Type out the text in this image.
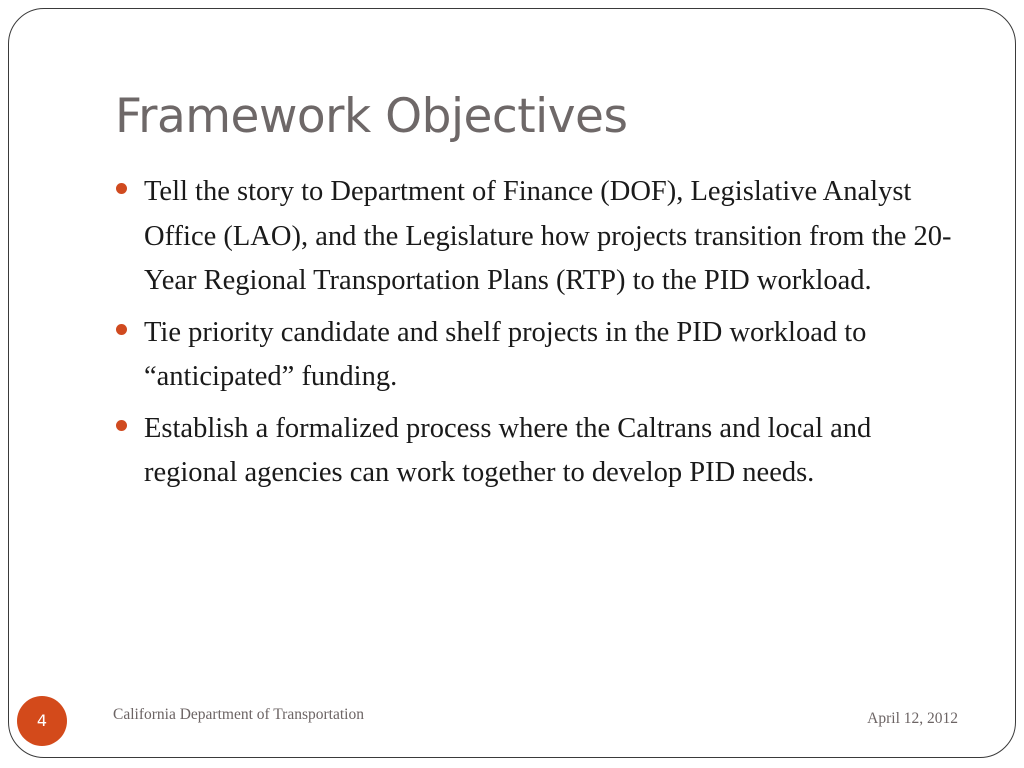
Framework Objectives
Tell the story to Department of Finance (DOF), Legislative Analyst Office (LAO), and the Legislature how projects transition from the 20-Year Regional Transportation Plans (RTP) to the PID workload.
Tie priority candidate and shelf projects in the PID workload to “anticipated” funding.
Establish a formalized process where the Caltrans and local and regional agencies can work together to develop PID needs.
4	California Department of Transportation	April 12, 2012
